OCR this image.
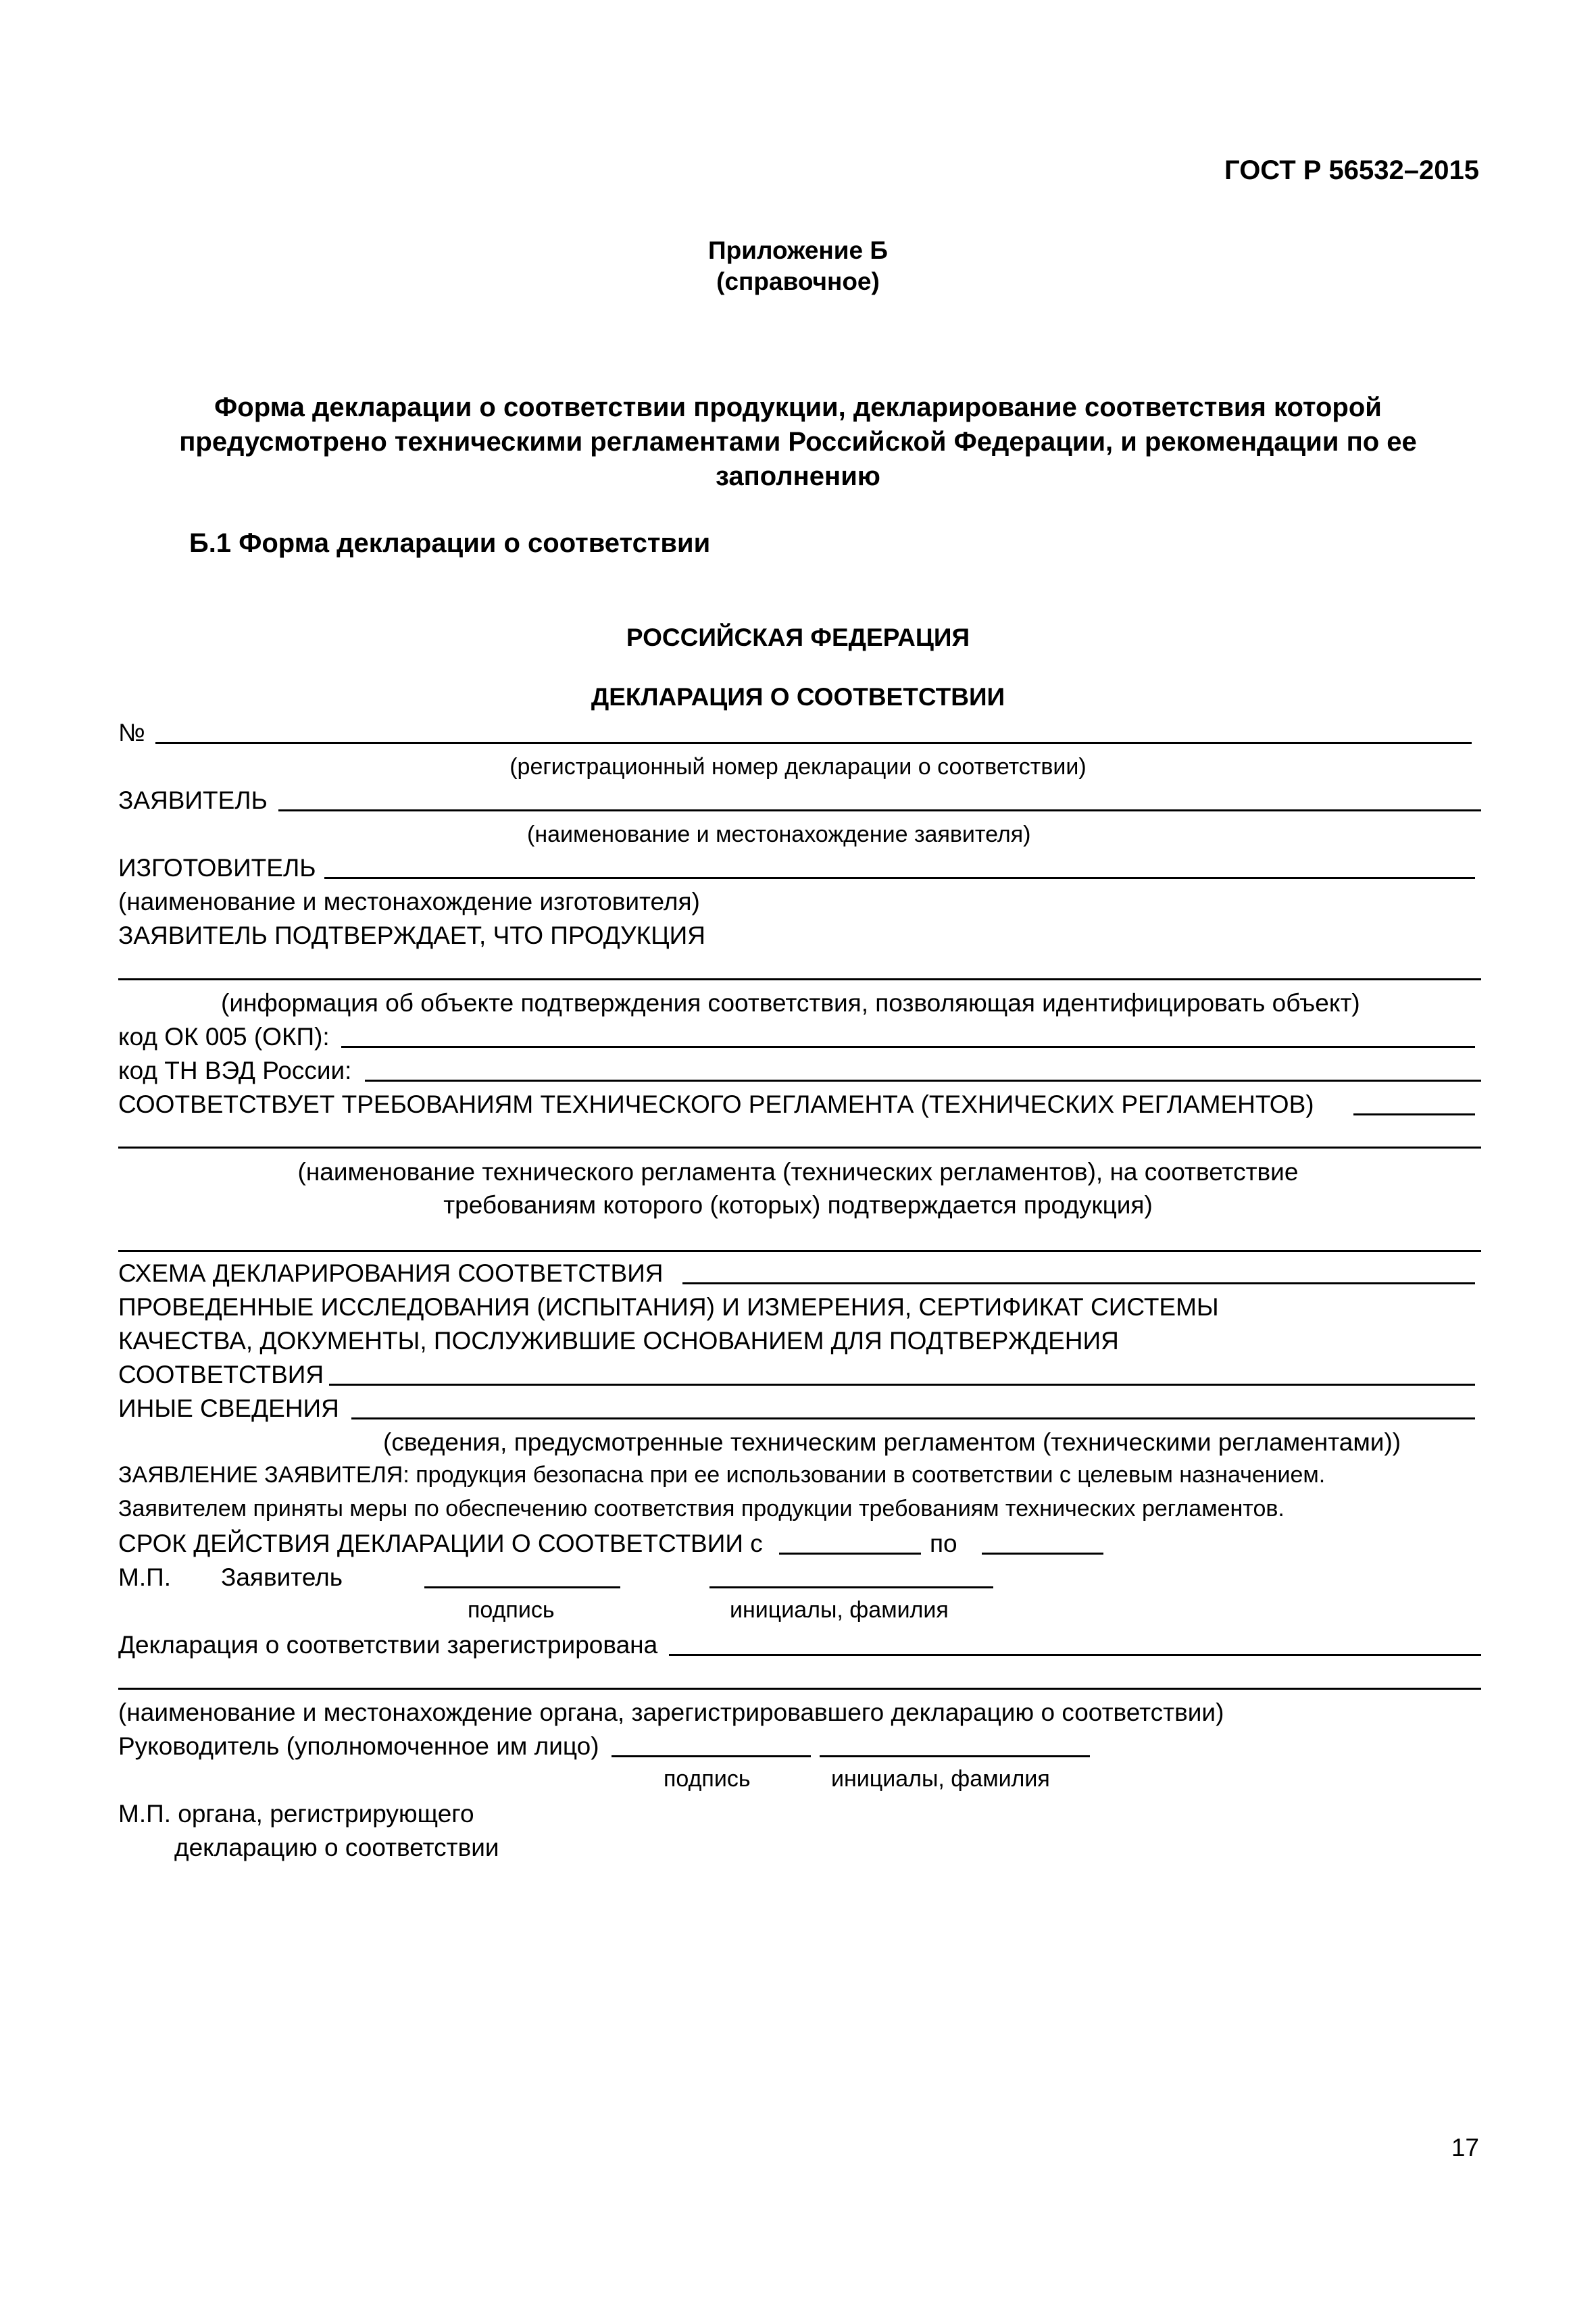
ГОСТ Р 56532–2015
Приложение Б
(справочное)
Форма декларации о соответствии продукции, декларирование соответствия которой
предусмотрено техническими регламентами Российской Федерации, и рекомендации по ее
заполнению
Б.1 Форма декларации о соответствии
РОССИЙСКАЯ ФЕДЕРАЦИЯ
ДЕКЛАРАЦИЯ О СООТВЕТСТВИИ
№
(регистрационный номер декларации о соответствии)
ЗАЯВИТЕЛЬ
(наименование и местонахождение заявителя)
ИЗГОТОВИТЕЛЬ
(наименование и местонахождение изготовителя)
ЗАЯВИТЕЛЬ ПОДТВЕРЖДАЕТ, ЧТО ПРОДУКЦИЯ
(информация об объекте подтверждения соответствия, позволяющая идентифицировать объект)
код ОК 005 (ОКП):
код ТН ВЭД России:
СООТВЕТСТВУЕТ ТРЕБОВАНИЯМ ТЕХНИЧЕСКОГО РЕГЛАМЕНТА (ТЕХНИЧЕСКИХ РЕГЛАМЕНТОВ)
(наименование технического регламента (технических регламентов), на соответствие
требованиям которого (которых) подтверждается продукция)
СХЕМА ДЕКЛАРИРОВАНИЯ СООТВЕТСТВИЯ
ПРОВЕДЕННЫЕ ИССЛЕДОВАНИЯ (ИСПЫТАНИЯ) И ИЗМЕРЕНИЯ, СЕРТИФИКАТ СИСТЕМЫ
КАЧЕСТВА, ДОКУМЕНТЫ, ПОСЛУЖИВШИЕ ОСНОВАНИЕМ ДЛЯ ПОДТВЕРЖДЕНИЯ
СООТВЕТСТВИЯ
ИНЫЕ СВЕДЕНИЯ
(сведения, предусмотренные техническим регламентом (техническими регламентами))
ЗАЯВЛЕНИЕ ЗАЯВИТЕЛЯ: продукция безопасна при ее использовании в соответствии с целевым назначением.
Заявителем приняты меры по обеспечению соответствия продукции требованиям технических регламентов.
СРОК ДЕЙСТВИЯ ДЕКЛАРАЦИИ О СООТВЕТСТВИИ с	по
М.П. Заявитель
подпись	инициалы, фамилия
Декларация о соответствии зарегистрирована
(наименование и местонахождение органа, зарегистрировавшего декларацию о соответствии)
Руководитель (уполномоченное им лицо)
подпись	инициалы, фамилия
М.П. органа, регистрирующего
декларацию о соответствии
17
